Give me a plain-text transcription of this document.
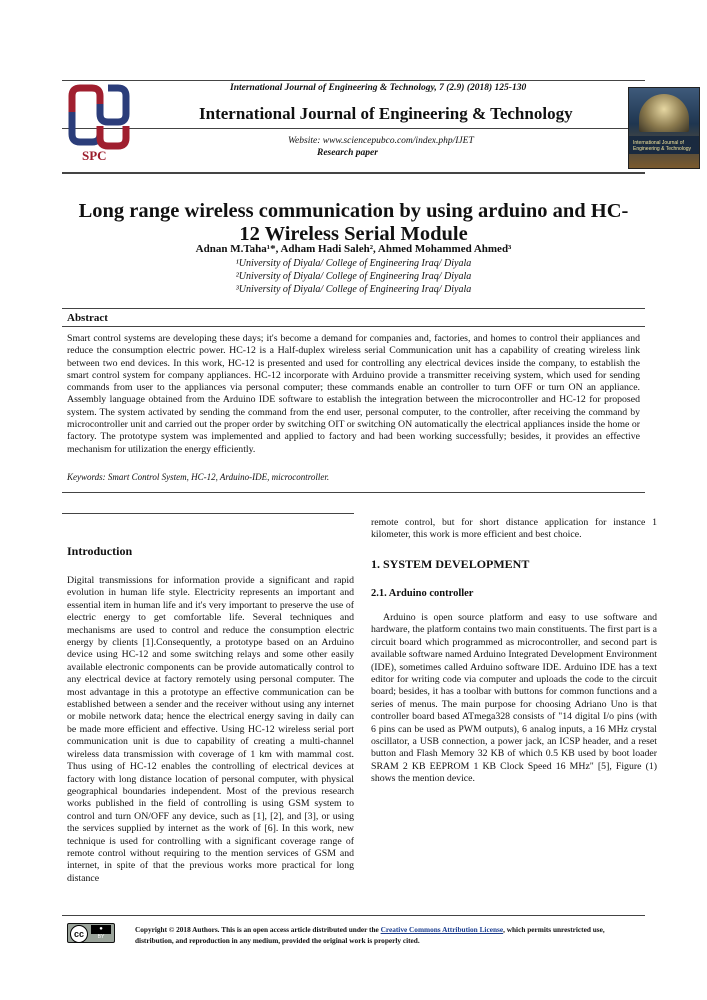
SPC
International Journal of Engineering & Technology
International Journal of Engineering & Technology, 7 (2.9) (2018) 125-130
International Journal of Engineering & Technology
Website: www.sciencepubco.com/index.php/IJET
Research paper
Long range wireless communication by using arduino and HC-
12 Wireless Serial Module
Adnan M.Taha¹*, Adham Hadi Saleh², Ahmed Mohammed Ahmed³
¹University of Diyala/ College of Engineering Iraq/ Diyala
²University of Diyala/ College of Engineering Iraq/ Diyala
³University of Diyala/ College of Engineering Iraq/ Diyala
Abstract
Smart control systems are developing these days; it's become a demand for companies and, factories, and homes to control their appliances and reduce the consumption electric power. HC-12 is a Half-duplex wireless serial Communication unit has a capability of creating wireless link between two end devices. In this work, HC-12 is presented and used for controlling any electrical devices inside the company, to establish the smart control system for company appliances. HC-12 incorporate with Arduino provide a transmitter receiving system, which used for sending commands from user to the appliances via personal computer; these commands enable an controller to turn OFF or turn ON an appliance. Assembly language obtained from the Arduino IDE software to establish the integration between the microcontroller and HC-12 for proposed system. The system activated by sending the command from the end user, personal computer, to the controller, after receiving the command by microcontroller unit and carried out the proper order by switching OIT or switching ON automatically the electrical appliances inside the home or factory. The prototype system was implemented and applied to factory and had been working successfully; besides, it provides an effective mechanism for utilization the energy efficiently.
Keywords: Smart Control System, HC-12, Arduino-IDE, microcontroller.
Introduction
Digital transmissions for information provide a significant and rapid evolution in human life style. Electricity represents an important and essential item in human life and it's very important to preserve the use of electric energy to get comfortable life. Several techniques and mechanisms are used to control and reduce the consumption electric energy by clients [1].Consequently, a prototype based on an Arduino device using HC-12 and some switching relays and some other easily available electronic components can be provide automatically control to any electrical device at factory remotely using personal computer. The most advantage in this a prototype an effective communication can be established between a sender and the receiver without using any internet or mobile network data; hence the electrical energy saving in daily can be made more efficient and effective. Using HC-12 wireless serial port communication unit is due to capability of creating a multi-channel wireless data transmission with coverage of 1 km with mammal cost. Thus using of HC-12 enables the controlling of electrical devices at factory with long distance location of personal computer, with physical geographical boundaries independent. Most of the previous research works published in the field of controlling is using GSM system to control and turn ON/OFF any device, such as [1], [2], and [3], or using the services supplied by internet as the work of [6]. In this work, new technique is used for controlling with a significant coverage range of remote control without requiring to the mention services of GSM and internet, in spite of that the previous works more practical for long distance
remote control, but for short distance application for instance 1 kilometer, this work is more efficient and best choice.
1. SYSTEM DEVELOPMENT
2.1. Arduino controller
Arduino is open source platform and easy to use software and hardware, the platform contains two main constituents. The first part is a circuit board which programmed as microcontroller, and second part is available software named Arduino Integrated Development Environment (IDE), sometimes called Arduino software IDE. Arduino IDE has a text editor for writing code via computer and uploads the code to the circuit board; besides, it has a toolbar with buttons for common functions and a series of menus. The main purpose for choosing Adriano Uno is that controller board based ATmega328 consists of "14 digital I/o pins (with 6 pins can be used as PWM outputs), 6 analog inputs, a 16 MHz crystal oscillator, a USB connection, a power jack, an ICSP header, and a reset button and Flash Memory 32 KB of which 0.5 KB used by boot loader SRAM 2 KB EEPROM 1 KB Clock Speed 16 MHz" [5], Figure (1) shows the mention device.
cc	●
BY
Copyright © 2018 Authors. This is an open access article distributed under the Creative Commons Attribution License, which permits unrestricted use, distribution, and reproduction in any medium, provided the original work is properly cited.
